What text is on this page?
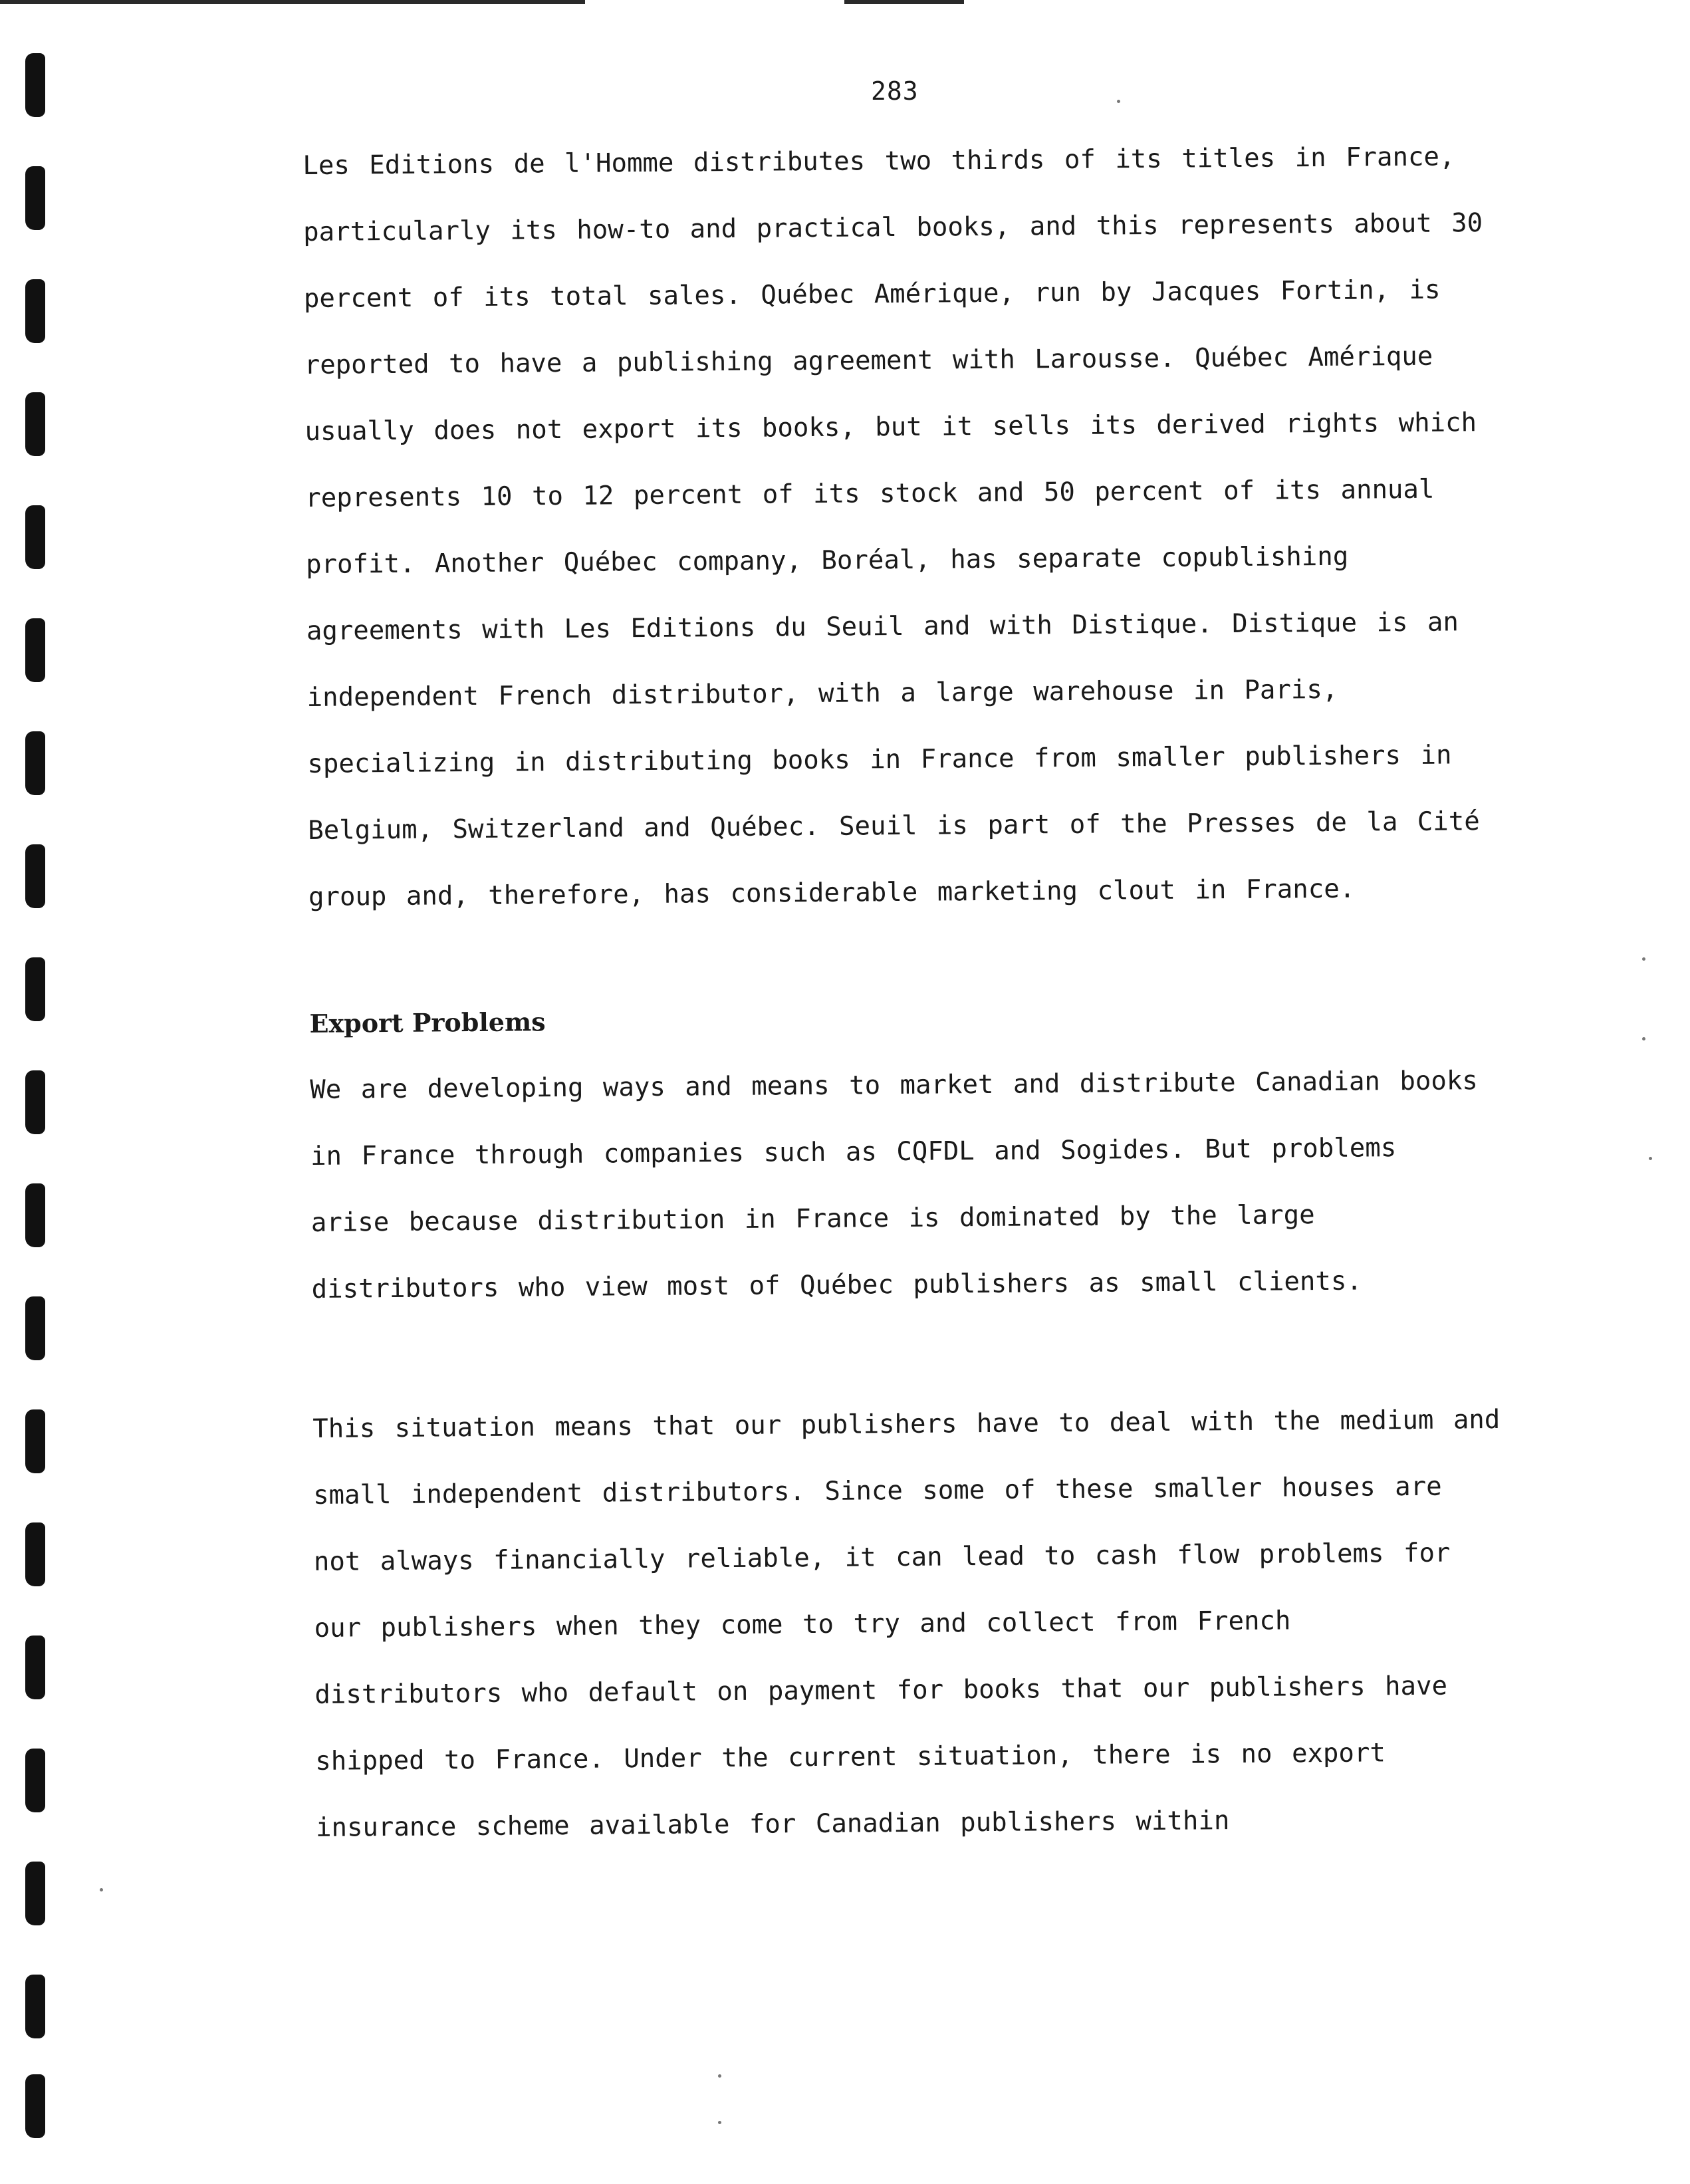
283
Les Editions de l'Homme distributes two thirds of its titles in France,
particularly its how-to and practical books, and this represents about 30
percent of its total sales. Québec Amérique, run by Jacques Fortin, is
reported to have a publishing agreement with Larousse. Québec Amérique
usually does not export its books, but it sells its derived rights which
represents 10 to 12 percent of its stock and 50 percent of its annual
profit. Another Québec company, Boréal, has separate copublishing
agreements with Les Editions du Seuil and with Distique. Distique is an
independent French distributor, with a large warehouse in Paris,
specializing in distributing books in France from smaller publishers in
Belgium, Switzerland and Québec. Seuil is part of the Presses de la Cité
group and, therefore, has considerable marketing clout in France.
Export Problems
We are developing ways and means to market and distribute Canadian books
in France through companies such as CQFDL and Sogides. But problems
arise because distribution in France is dominated by the large
distributors who view most of Québec publishers as small clients.
This situation means that our publishers have to deal with the medium and
small independent distributors. Since some of these smaller houses are
not always financially reliable, it can lead to cash flow problems for
our publishers when they come to try and collect from French
distributors who default on payment for books that our publishers have
shipped to France. Under the current situation, there is no export
insurance scheme available for Canadian publishers within
